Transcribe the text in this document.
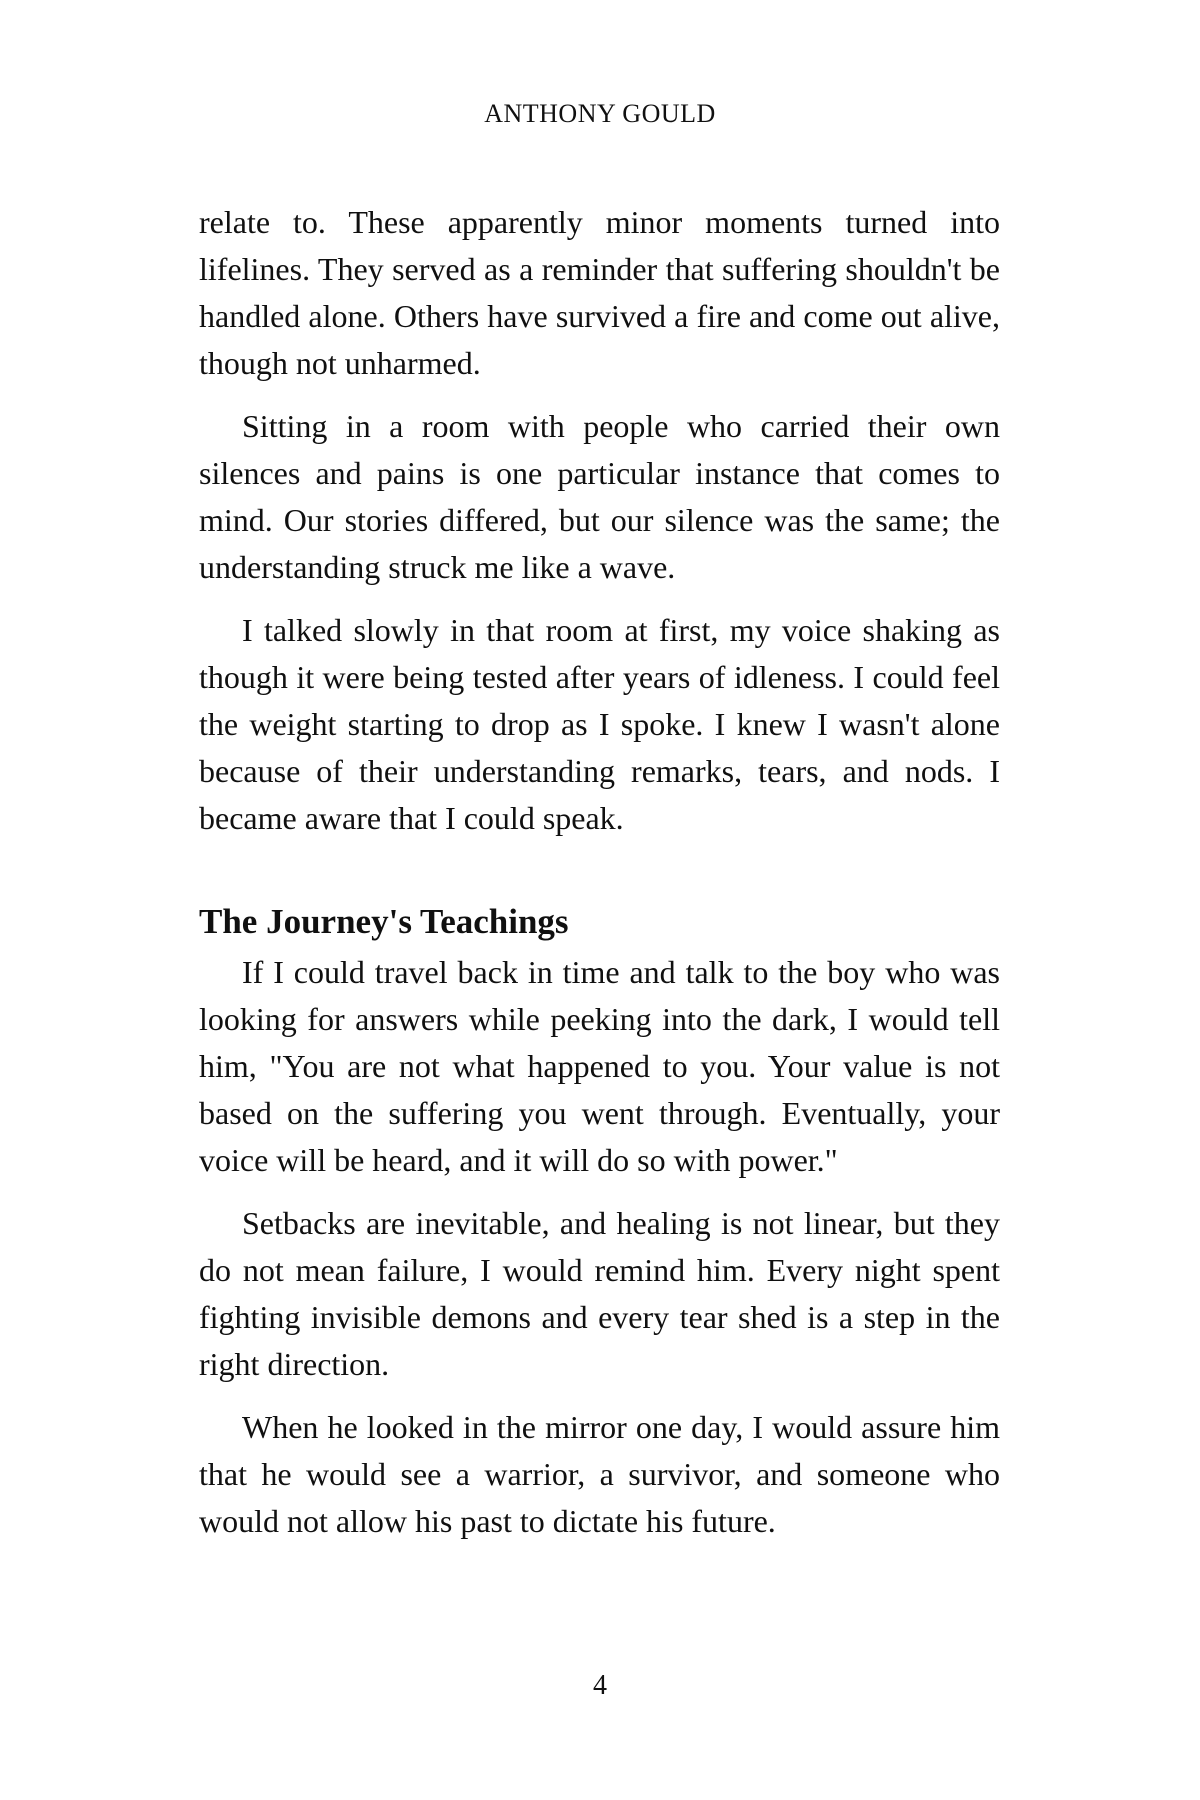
ANTHONY GOULD

relate to. These apparently minor moments turned into lifelines. They served as a reminder that suffering shouldn't be handled alone. Others have survived a fire and come out alive, though not unharmed.

Sitting in a room with people who carried their own silences and pains is one particular instance that comes to mind. Our stories differed, but our silence was the same; the understanding struck me like a wave.

I talked slowly in that room at first, my voice shaking as though it were being tested after years of idleness. I could feel the weight starting to drop as I spoke. I knew I wasn't alone because of their understanding remarks, tears, and nods. I became aware that I could speak.

The Journey's Teachings

If I could travel back in time and talk to the boy who was looking for answers while peeking into the dark, I would tell him, "You are not what happened to you. Your value is not based on the suffering you went through. Eventually, your voice will be heard, and it will do so with power."

Setbacks are inevitable, and healing is not linear, but they do not mean failure, I would remind him. Every night spent fighting invisible demons and every tear shed is a step in the right direction.

When he looked in the mirror one day, I would assure him that he would see a warrior, a survivor, and someone who would not allow his past to dictate his future.

4
